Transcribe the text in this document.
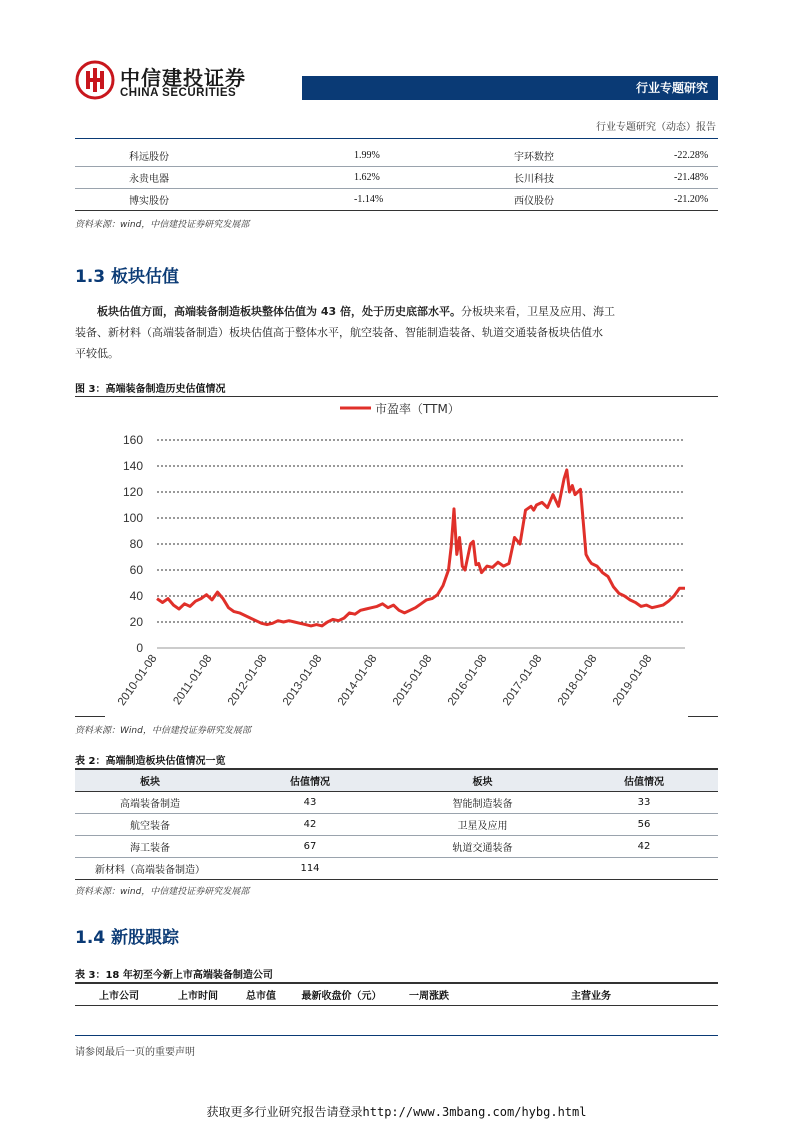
中信建投证券
CHINA SECURITIES	行业专题研究
行业专题研究（动态）报告
科远股份	1.99%	宇环数控	-22.28%
永贵电器	1.62%	长川科技	-21.48%
博实股份	-1.14%	西仪股份	-21.20%
资料来源：wind，中信建投证券研究发展部
1.3 板块估值
板块估值方面，高端装备制造板块整体估值为 43 倍，处于历史底部水平。分板块来看，卫星及应用、海工
装备、新材料（高端装备制造）板块估值高于整体水平，航空装备、智能制造装备、轨道交通装备板块估值水
平较低。
图 3：高端装备制造历史估值情况
市盈率（TTM）
0
20
40
60
80
100
120
140
160
2010-01-08 2011-01-08 2012-01-08 2013-01-08 2014-01-08 2015-01-08 2016-01-08 2017-01-08 2018-01-08 2019-01-08
资料来源：Wind，中信建投证券研究发展部
表 2：高端制造板块估值情况一览
板块	估值情况	板块	估值情况
高端装备制造	43	智能制造装备	33
航空装备	42	卫星及应用	56
海工装备	67	轨道交通装备	42
新材料（高端装备制造）	114		
资料来源：wind，中信建投证券研究发展部
1.4 新股跟踪
表 3：18 年初至今新上市高端装备制造公司
上市公司	上市时间	总市值	最新收盘价（元）	一周涨跌	主营业务
请参阅最后一页的重要声明
获取更多行业研究报告请登录http://www.3mbang.com/hybg.html
